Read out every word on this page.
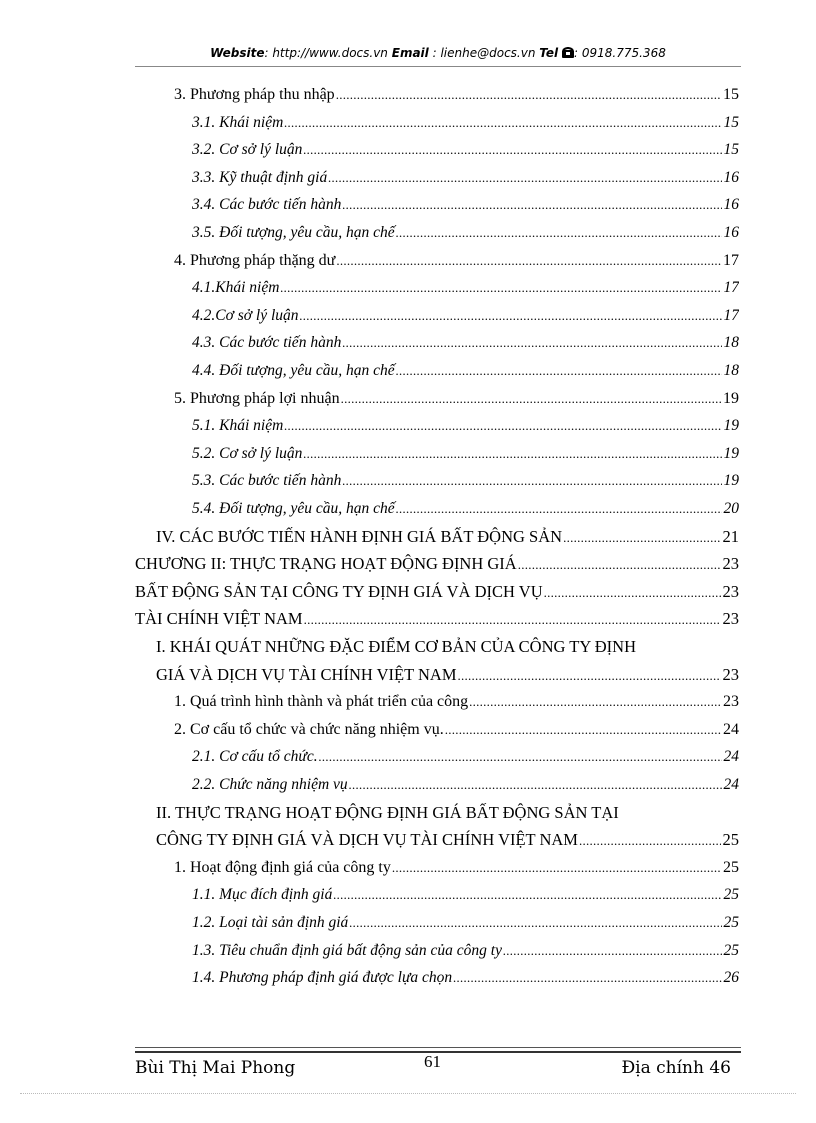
Website: http://www.docs.vn Email : lienhe@docs.vn Tel : 0918.775.368
3. Phương pháp thu nhập . . .	15
3.1. Khái niệm . . .	15
3.2. Cơ sở lý luận . . .	15
3.3. Kỹ thuật định giá . . .	16
3.4. Các bước tiến hành . . .	16
3.5. Đối tượng, yêu cầu, hạn chế . . .	16
4. Phương pháp thặng dư . . .	17
4.1.Khái niệm . . .	17
4.2.Cơ sở lý luận . . .	17
4.3. Các bước tiến hành . . .	18
4.4. Đối tượng, yêu cầu, hạn chế . . .	18
5. Phương pháp lợi nhuận . . .	19
5.1. Khái niệm . . .	19
5.2. Cơ sở lý luận . . .	19
5.3. Các bước tiến hành . . .	19
5.4. Đối tượng, yêu cầu, hạn chế . . .	20
IV. CÁC BƯỚC TIẾN HÀNH ĐỊNH GIÁ BẤT ĐỘNG SẢN . . .	21
CHƯƠNG II: THỰC TRẠNG HOẠT ĐỘNG ĐỊNH GIÁ . . .	23
BẤT ĐỘNG SẢN TẠI CÔNG TY ĐỊNH GIÁ VÀ DỊCH VỤ . . .	23
TÀI CHÍNH VIỆT NAM . . .	23
I. KHÁI QUÁT NHỮNG ĐẶC ĐIỂM CƠ BẢN CỦA CÔNG TY ĐỊNH
GIÁ VÀ DỊCH VỤ TÀI CHÍNH VIỆT NAM . . .	23
1. Quá trình hình thành và phát triển của công . . .	23
2. Cơ cấu tổ chức và chức năng nhiệm vụ. . . .	24
2.1. Cơ cấu tổ chức. . . .	24
2.2. Chức năng nhiệm vụ . . .	24
II. THỰC TRẠNG HOẠT ĐỘNG ĐỊNH GIÁ BẤT ĐỘNG SẢN TẠI
CÔNG TY ĐỊNH GIÁ VÀ DỊCH VỤ TÀI CHÍNH VIỆT NAM . . .	25
1. Hoạt động định giá của công ty . . .	25
1.1. Mục đích định giá . . .	25
1.2. Loại tài sản định giá . . .	25
1.3. Tiêu chuẩn định giá bất động sản của công ty . . .	25
1.4. Phương pháp định giá được lựa chọn . . .	26
Bùi Thị Mai Phong	61	Địa chính 46
